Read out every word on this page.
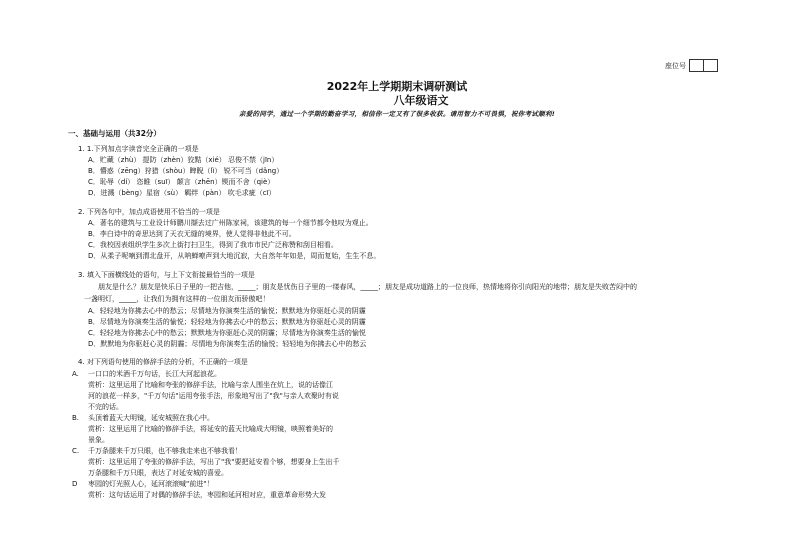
座位号
2022年上学期期末调研测试
八年级语文
亲爱的同学，通过一个学期的勤奋学习，相信你一定又有了很多收获。请用智力不可畏惧，祝你考试顺利!
一、基础与运用（共32分）
1. 1.下列加点字读音完全正确的一项是
A．贮藏（zhù） 提防（zhèn）狡黠（xié） 忍俊不禁（jīn）
B．懵惑（zēng）狩猎（shòu）睥睨（lì） 锐不可当（dǎng）
C．恥辱（dí） 恣睢（suī） 颠言（zhēn）锲而不舍（qiè）
D．迸溅（bèng）星宿（sù） 羁绊（pàn） 吹毛求疵（cī）
2. 下列各句中，加点成语使用不恰当的一项是
A．著名的建筑与工业设计师鹏川撷去过广州陈家祠，该建筑的每一个细节都令他叹为观止。
B．李白诗中的奇思达到了天衣无缝的境界，使人觉得非他此不可。
C．我校因表组织学生多次上街打扫卫生，得到了我市市民广泛称赞和刮目相看。
D．从柔子呢喃到渭北盘开，从呐蝉嘹声到大地沉寂，大自然年年如是，周而复始，生生不息。
3. 填入下面横线处的语句，与上下文衔接最恰当的一项是
朋友是什么？朋友是快乐日子里的一把吉他，_____；朋友是忧伤日子里的一缕春风，_____；朋友是成功道路上的一位良师，热情地将你引向阳光的地带；朋友是失败苦闷中的
一盏明灯，_____，让我们为拥有这样的一位朋友而骄傲吧！
A．轻轻地为你拂去心中的愁云；尽情地为你演奏生活的愉悦；默默地为你驱赶心灵的阴霾
B．尽情地为你演奏生活的愉悦；轻轻地为你拂去心中的愁云；默默地为你驱赶心灵的阴霾
C．轻轻地为你拂去心中的愁云；默默地为你驱赶心灵的阴霾；尽情地为你演奏生活的愉悦
D．默默地为你驱赶心灵的阴霾；尽情地为你演奏生活的愉悦；轻轻地为你拂去心中的愁云
4. 对下列语句使用的修辞手法的分析，不正确的一项是
A. 一口口的米酒千万句话，长江大河起浪花。
赏析：这里运用了比喻和夸张的修辞手法，比喻与亲人围坐在炕上，说的话像江
河的浪花一样多，"千万句话"运用夸张手法，形象地写出了"我"与亲人欢聚时有说
不完的话。
B. 头顶着蓝天大明镜，延安城照在我心中。
赏析：这里运用了比喻的修辞手法，将延安的蓝天比喻成大明镜，映照着美好的
景象。
C. 千万条腿来千万只眼，也不够我走来也不够我看！
赏析：这里运用了夸张的修辞手法，写出了"我"要把延安看个够，想要身上生出千
万条腿和千万只眼，表达了对延安城的喜爱。
D 枣园的灯光照人心，延河滚滚喊"前进"！
赏析：这句话运用了对偶的修辞手法，枣园和延河相对应，重意革命形势大发
